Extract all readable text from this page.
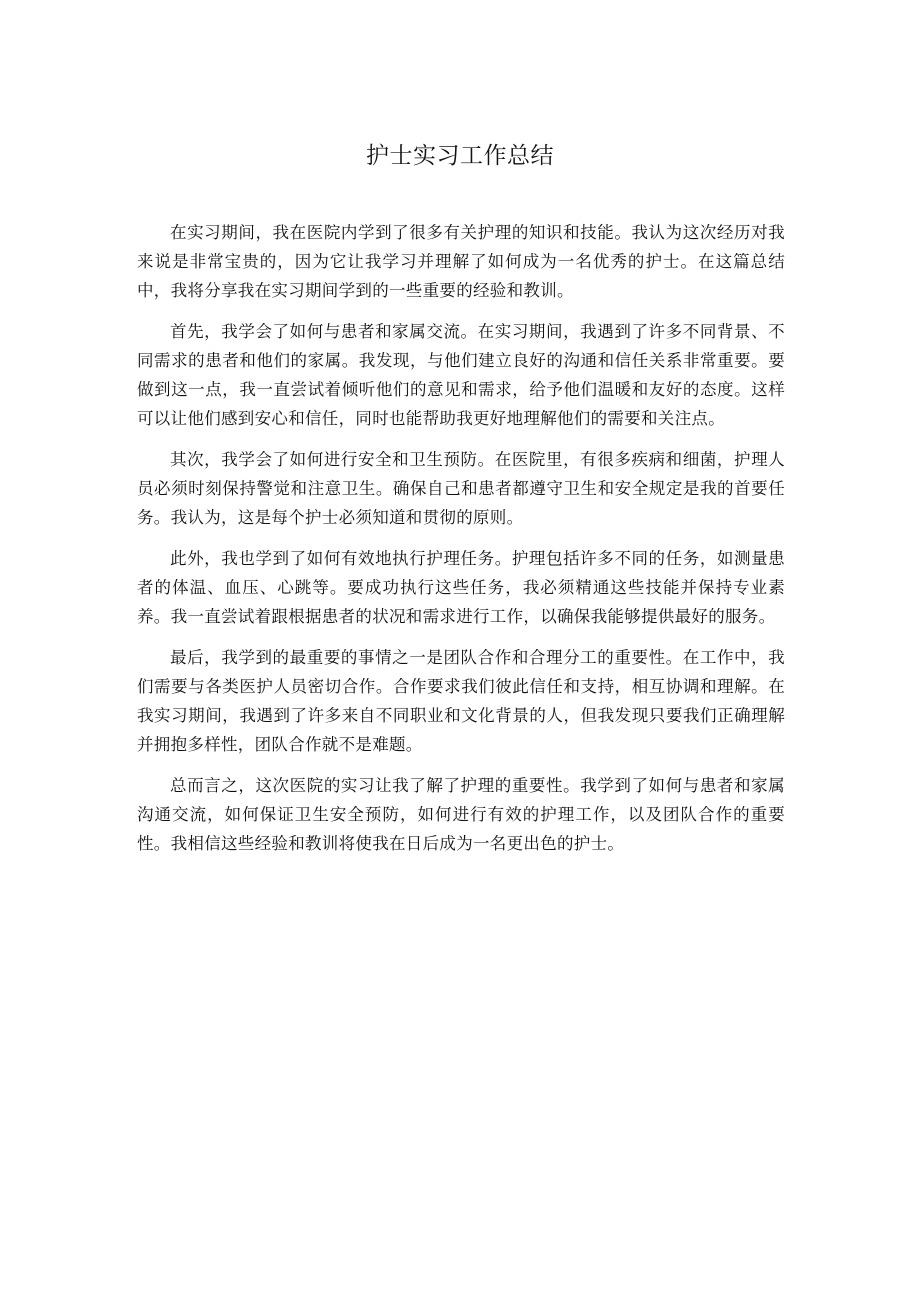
护士实习工作总结

在实习期间，我在医院内学到了很多有关护理的知识和技能。我认为这次经历对我来说是非常宝贵的，因为它让我学习并理解了如何成为一名优秀的护士。在这篇总结中，我将分享我在实习期间学到的一些重要的经验和教训。

首先，我学会了如何与患者和家属交流。在实习期间，我遇到了许多不同背景、不同需求的患者和他们的家属。我发现，与他们建立良好的沟通和信任关系非常重要。要做到这一点，我一直尝试着倾听他们的意见和需求，给予他们温暖和友好的态度。这样可以让他们感到安心和信任，同时也能帮助我更好地理解他们的需要和关注点。

其次，我学会了如何进行安全和卫生预防。在医院里，有很多疾病和细菌，护理人员必须时刻保持警觉和注意卫生。确保自己和患者都遵守卫生和安全规定是我的首要任务。我认为，这是每个护士必须知道和贯彻的原则。

此外，我也学到了如何有效地执行护理任务。护理包括许多不同的任务，如测量患者的体温、血压、心跳等。要成功执行这些任务，我必须精通这些技能并保持专业素养。我一直尝试着跟根据患者的状况和需求进行工作，以确保我能够提供最好的服务。

最后，我学到的最重要的事情之一是团队合作和合理分工的重要性。在工作中，我们需要与各类医护人员密切合作。合作要求我们彼此信任和支持，相互协调和理解。在我实习期间，我遇到了许多来自不同职业和文化背景的人，但我发现只要我们正确理解并拥抱多样性，团队合作就不是难题。

总而言之，这次医院的实习让我了解了护理的重要性。我学到了如何与患者和家属沟通交流，如何保证卫生安全预防，如何进行有效的护理工作，以及团队合作的重要性。我相信这些经验和教训将使我在日后成为一名更出色的护士。
